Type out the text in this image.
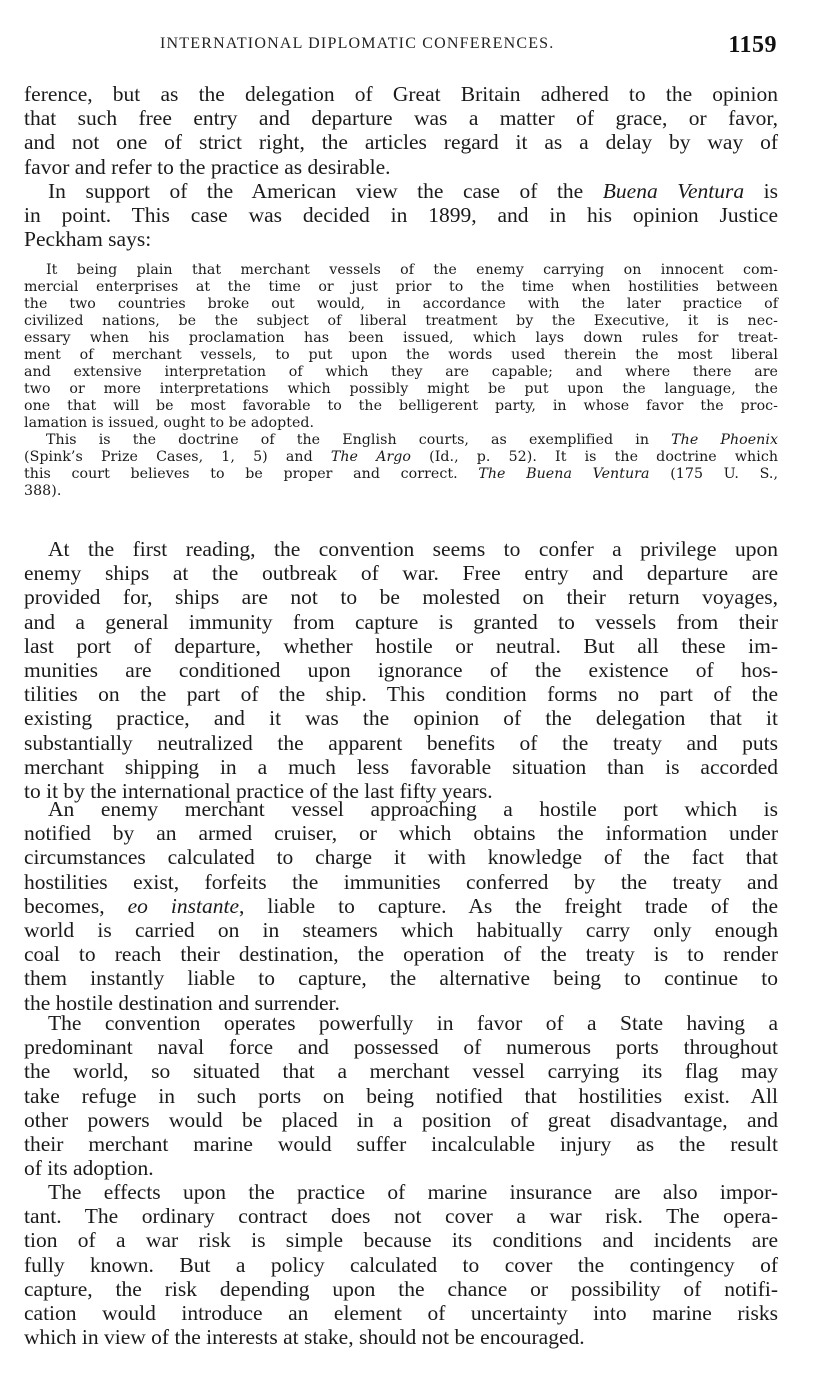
INTERNATIONAL DIPLOMATIC CONFERENCES.	1159
ference, but as the delegation of Great Britain adhered to the opinion
that such free entry and departure was a matter of grace, or favor,
and not one of strict right, the articles regard it as a delay by way of
favor and refer to the practice as desirable.
In support of the American view the case of the Buena Ventura is
in point. This case was decided in 1899, and in his opinion Justice
Peckham says:
It being plain that merchant vessels of the enemy carrying on innocent com-
mercial enterprises at the time or just prior to the time when hostilities between
the two countries broke out would, in accordance with the later practice of
civilized nations, be the subject of liberal treatment by the Executive, it is nec-
essary when his proclamation has been issued, which lays down rules for treat-
ment of merchant vessels, to put upon the words used therein the most liberal
and extensive interpretation of which they are capable; and where there are
two or more interpretations which possibly might be put upon the language, the
one that will be most favorable to the belligerent party, in whose favor the proc-
lamation is issued, ought to be adopted.
This is the doctrine of the English courts, as exemplified in The Phoenix
(Spink’s Prize Cases, 1, 5) and The Argo (Id., p. 52). It is the doctrine which
this court believes to be proper and correct. The Buena Ventura (175 U. S.,
388).
At the first reading, the convention seems to confer a privilege upon
enemy ships at the outbreak of war. Free entry and departure are
provided for, ships are not to be molested on their return voyages,
and a general immunity from capture is granted to vessels from their
last port of departure, whether hostile or neutral. But all these im-
munities are conditioned upon ignorance of the existence of hos-
tilities on the part of the ship. This condition forms no part of the
existing practice, and it was the opinion of the delegation that it
substantially neutralized the apparent benefits of the treaty and puts
merchant shipping in a much less favorable situation than is accorded
to it by the international practice of the last fifty years.
An enemy merchant vessel approaching a hostile port which is
notified by an armed cruiser, or which obtains the information under
circumstances calculated to charge it with knowledge of the fact that
hostilities exist, forfeits the immunities conferred by the treaty and
becomes, eo instante, liable to capture. As the freight trade of the
world is carried on in steamers which habitually carry only enough
coal to reach their destination, the operation of the treaty is to render
them instantly liable to capture, the alternative being to continue to
the hostile destination and surrender.
The convention operates powerfully in favor of a State having a
predominant naval force and possessed of numerous ports throughout
the world, so situated that a merchant vessel carrying its flag may
take refuge in such ports on being notified that hostilities exist. All
other powers would be placed in a position of great disadvantage, and
their merchant marine would suffer incalculable injury as the result
of its adoption.
The effects upon the practice of marine insurance are also impor-
tant. The ordinary contract does not cover a war risk. The opera-
tion of a war risk is simple because its conditions and incidents are
fully known. But a policy calculated to cover the contingency of
capture, the risk depending upon the chance or possibility of notifi-
cation would introduce an element of uncertainty into marine risks
which in view of the interests at stake, should not be encouraged.
